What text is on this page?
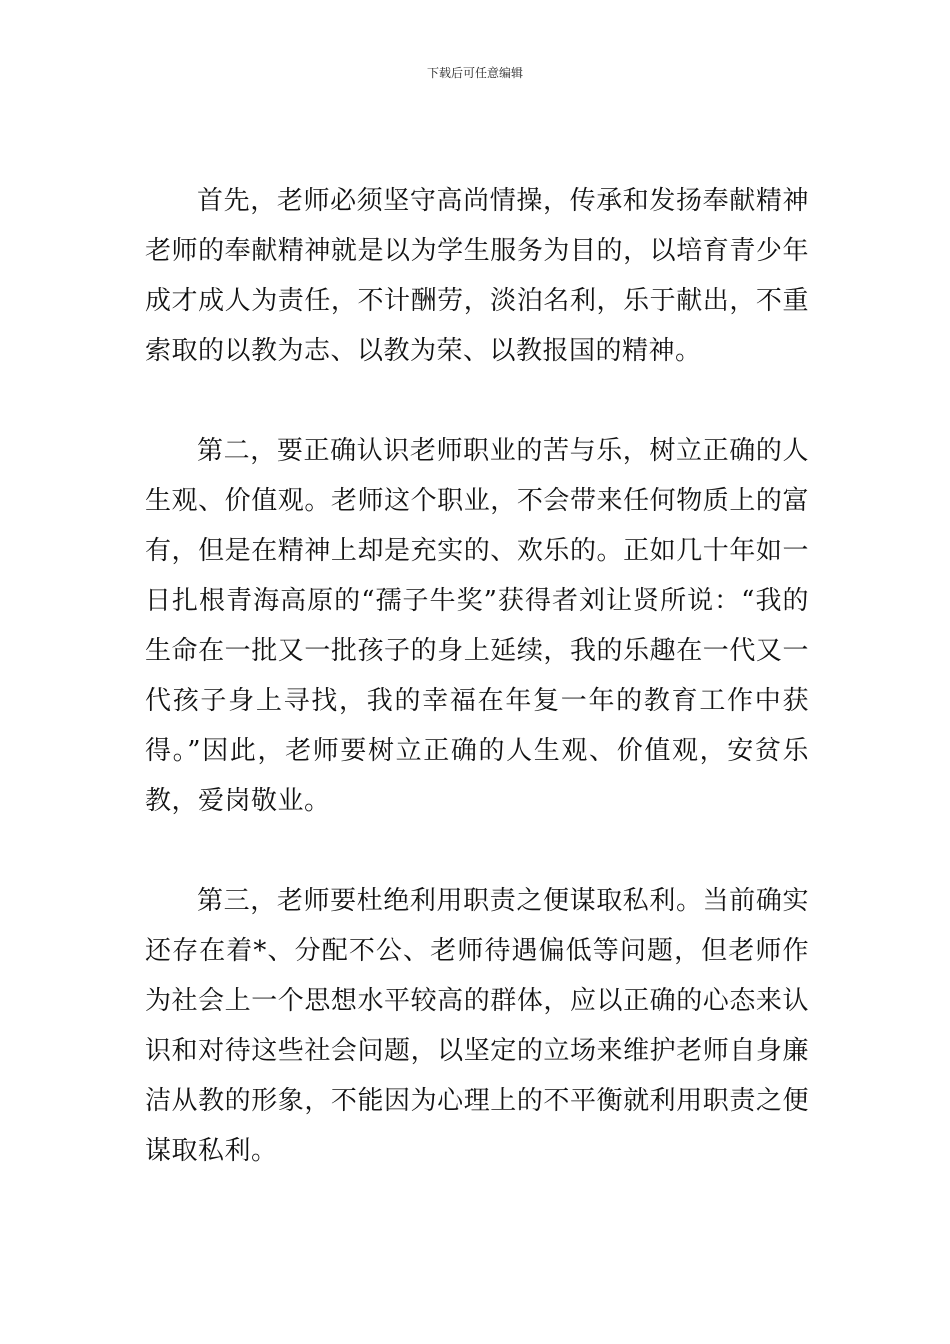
下载后可任意编辑

首先，老师必须坚守高尚情操，传承和发扬奉献精神老师的奉献精神就是以为学生服务为目的，以培育青少年成才成人为责任，不计酬劳，淡泊名利，乐于献出，不重索取的以教为志、以教为荣、以教报国的精神。

第二，要正确认识老师职业的苦与乐，树立正确的人生观、价值观。老师这个职业，不会带来任何物质上的富有，但是在精神上却是充实的、欢乐的。正如几十年如一日扎根青海高原的“孺子牛奖”获得者刘让贤所说：“我的生命在一批又一批孩子的身上延续，我的乐趣在一代又一代孩子身上寻找，我的幸福在年复一年的教育工作中获得。”因此，老师要树立正确的人生观、价值观，安贫乐教，爱岗敬业。

第三，老师要杜绝利用职责之便谋取私利。当前确实还存在着*、分配不公、老师待遇偏低等问题，但老师作为社会上一个思想水平较高的群体，应以正确的心态来认识和对待这些社会问题，以坚定的立场来维护老师自身廉洁从教的形象，不能因为心理上的不平衡就利用职责之便谋取私利。
